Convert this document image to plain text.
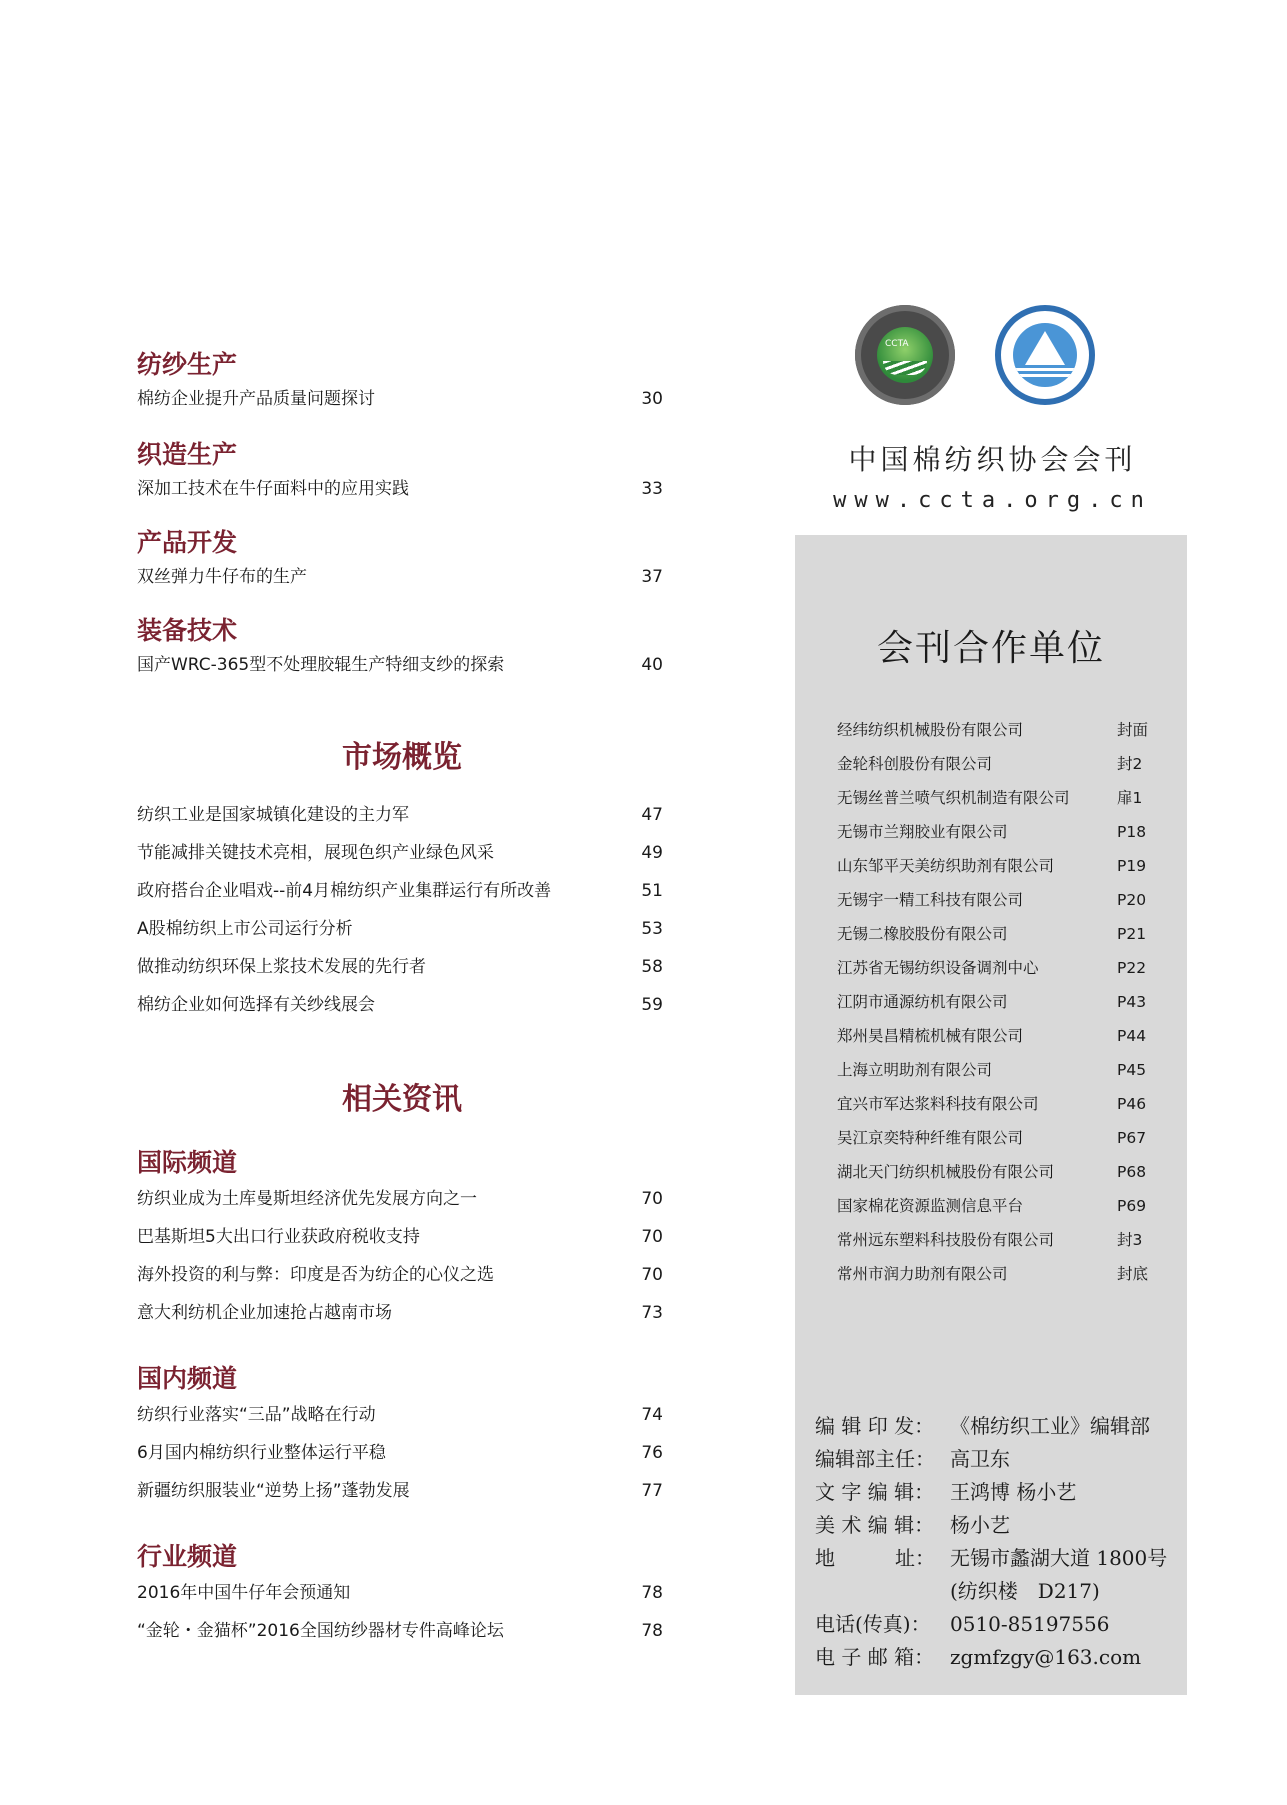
纺纱生产
棉纺企业提升产品质量问题探讨	30
织造生产
深加工技术在牛仔面料中的应用实践	33
产品开发
双丝弹力牛仔布的生产	37
装备技术
国产WRC-365型不处理胶辊生产特细支纱的探索	40
市场概览
纺织工业是国家城镇化建设的主力军	47
节能减排关键技术亮相，展现色织产业绿色风采	49
政府搭台企业唱戏--前4月棉纺织产业集群运行有所改善	51
A股棉纺织上市公司运行分析	53
做推动纺织环保上浆技术发展的先行者	58
棉纺企业如何选择有关纱线展会	59
相关资讯
国际频道
纺织业成为土库曼斯坦经济优先发展方向之一	70
巴基斯坦5大出口行业获政府税收支持	70
海外投资的利与弊：印度是否为纺企的心仪之选	70
意大利纺机企业加速抢占越南市场	73
国内频道
纺织行业落实“三品”战略在行动	74
6月国内棉纺织行业整体运行平稳	76
新疆纺织服装业“逆势上扬”蓬勃发展	77
行业频道
2016年中国牛仔年会预通知	78
“金轮・金猫杯”2016全国纺纱器材专件高峰论坛	78
CCTA
中国棉纺织协会会刊
www.ccta.org.cn
会刊合作单位
经纬纺织机械股份有限公司	封面
金轮科创股份有限公司	封2
无锡丝普兰喷气织机制造有限公司	扉1
无锡市兰翔胶业有限公司	P18
山东邹平天美纺织助剂有限公司	P19
无锡宇一精工科技有限公司	P20
无锡二橡胶股份有限公司	P21
江苏省无锡纺织设备调剂中心	P22
江阴市通源纺机有限公司	P43
郑州昊昌精梳机械有限公司	P44
上海立明助剂有限公司	P45
宜兴市军达浆料科技有限公司	P46
吴江京奕特种纤维有限公司	P67
湖北天门纺织机械股份有限公司	P68
国家棉花资源监测信息平台	P69
常州远东塑料科技股份有限公司	封3
常州市润力助剂有限公司	封底
编 辑 印 发： 《棉纺织工业》编辑部
编辑部主任： 高卫东
文 字 编 辑： 王鸿博 杨小艺
美 术 编 辑： 杨小艺
地　　　址： 无锡市蠡湖大道 1800号
(纺织楼　D217)
电话(传真)： 0510-85197556
电 子 邮 箱： zgmfzgy@163.com
